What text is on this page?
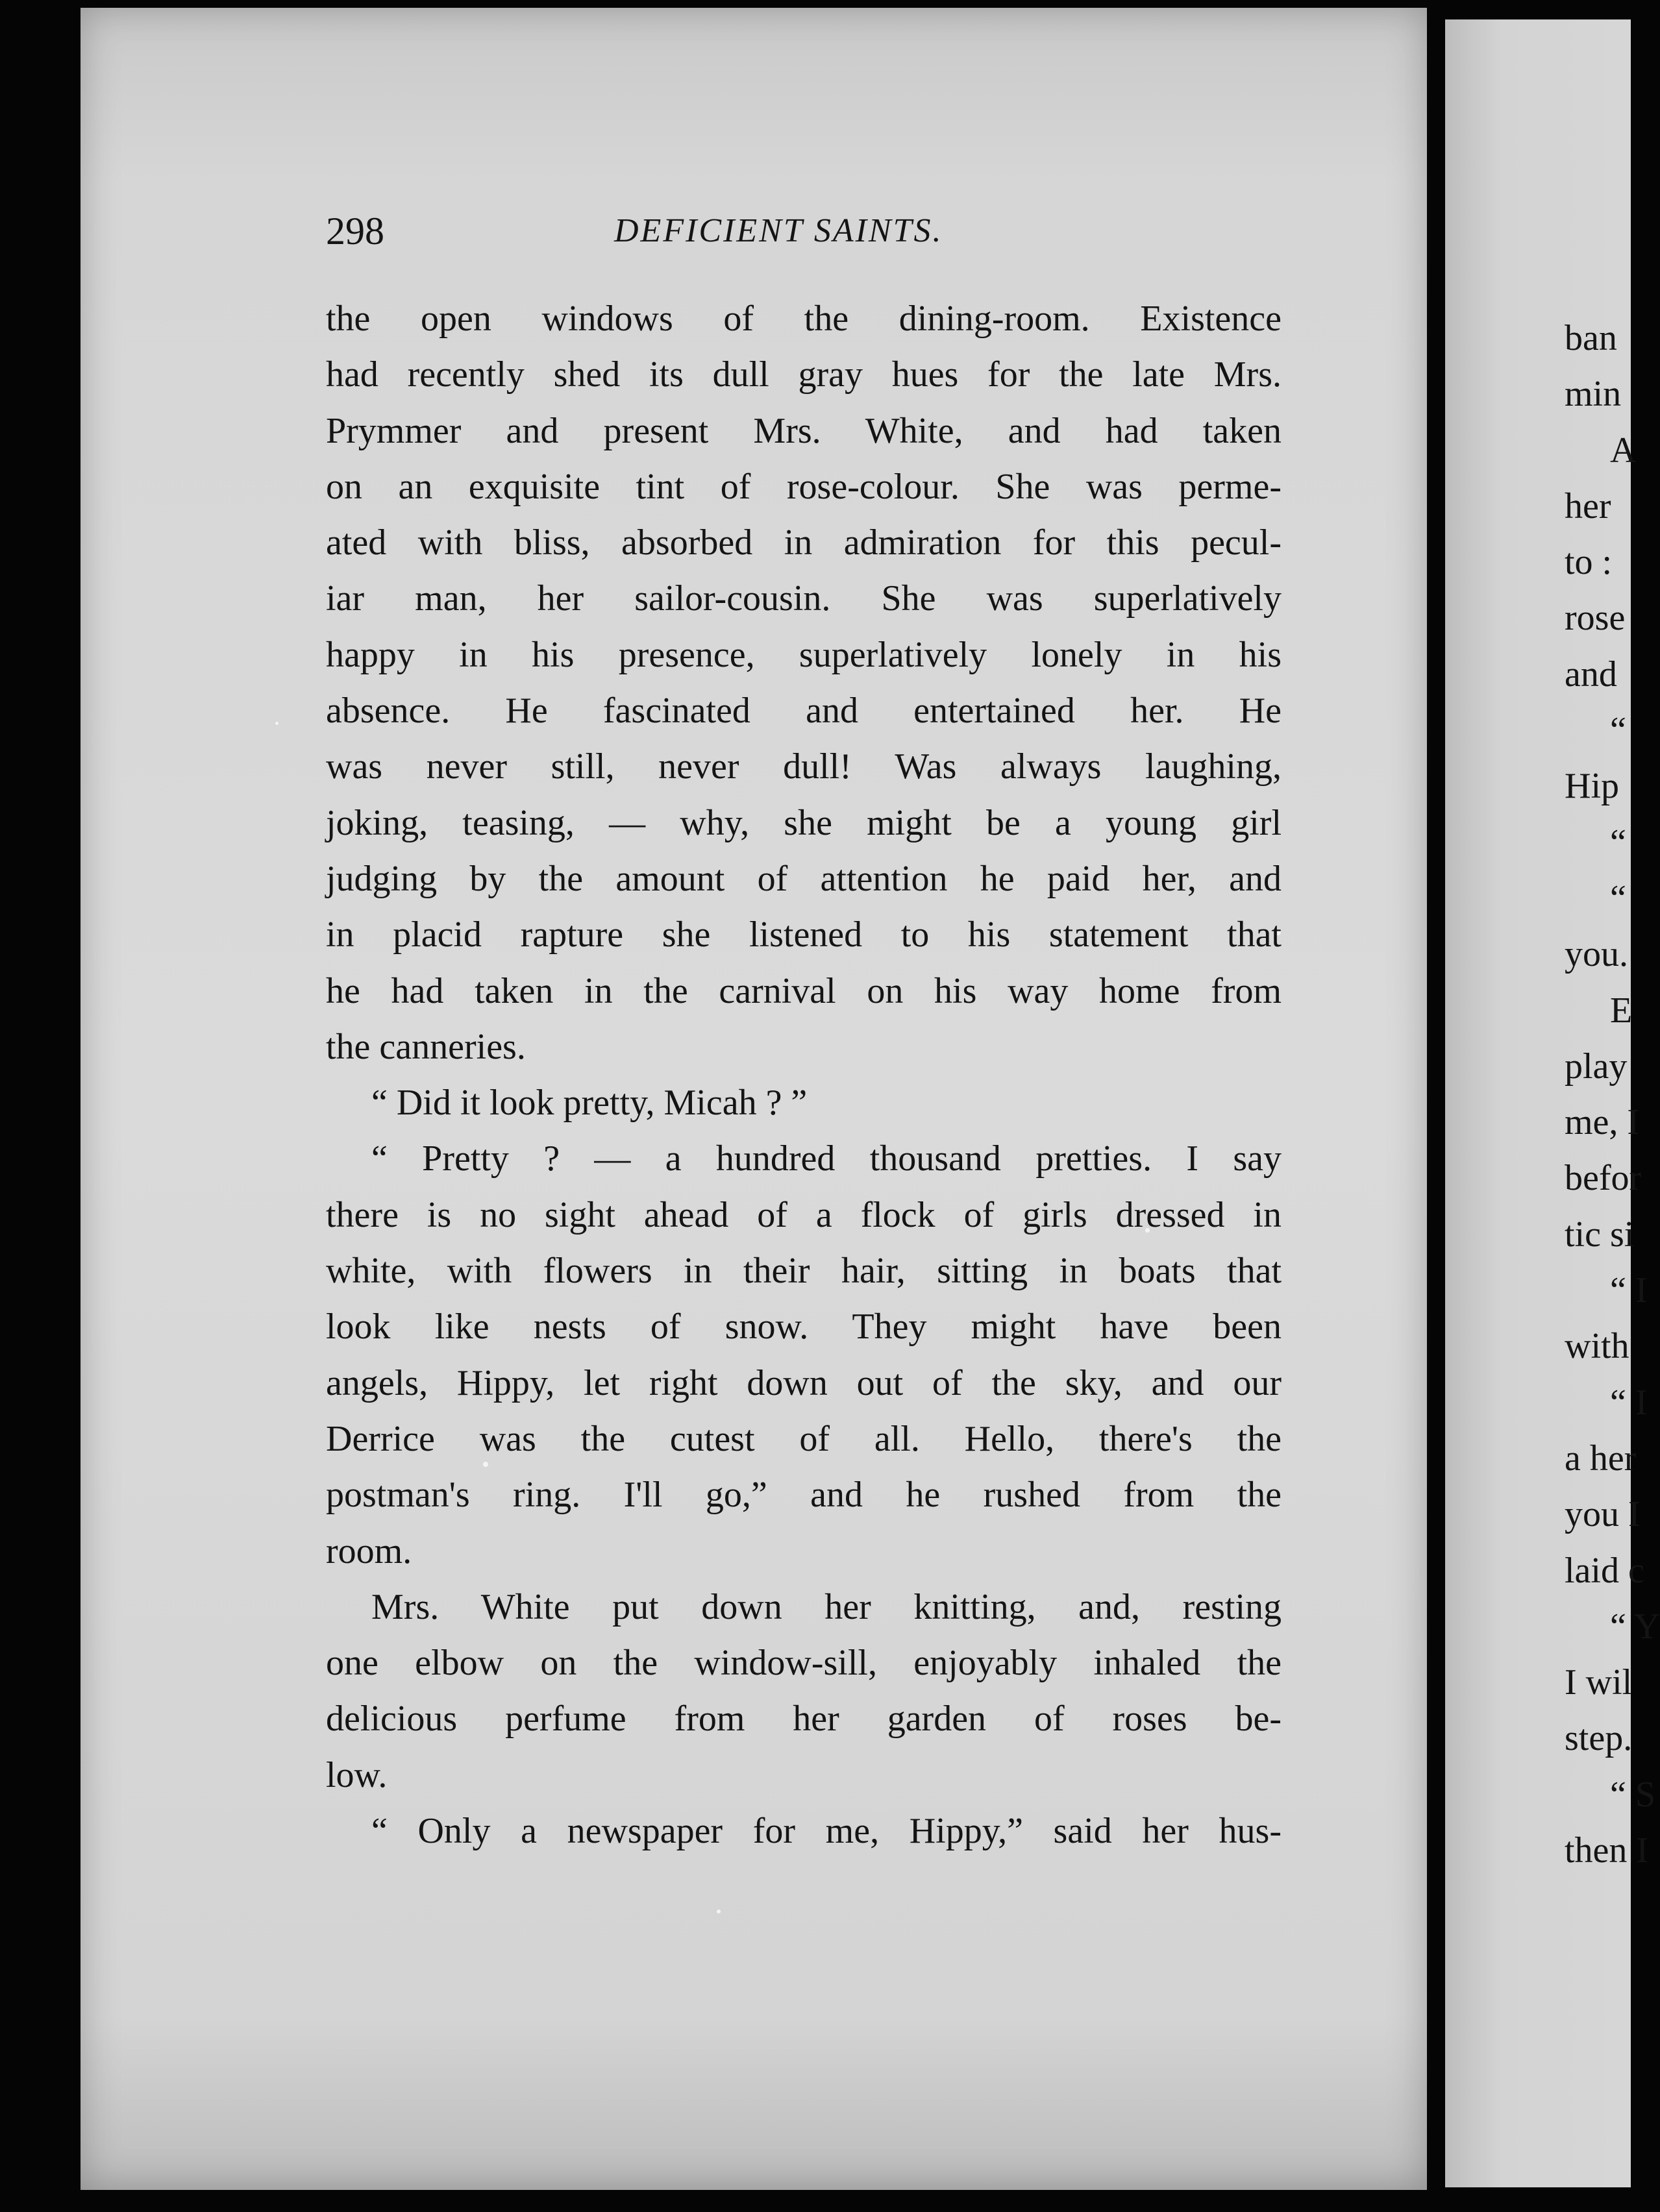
298	DEFICIENT SAINTS.
the open windows of the dining-room. Existence
had recently shed its dull gray hues for the late Mrs.
Prymmer and present Mrs. White, and had taken
on an exquisite tint of rose-colour. She was perme-
ated with bliss, absorbed in admiration for this pecul-
iar man, her sailor-cousin. She was superlatively
happy in his presence, superlatively lonely in his
absence. He fascinated and entertained her. He
was never still, never dull! Was always laughing,
joking, teasing, — why, she might be a young girl
judging by the amount of attention he paid her, and
in placid rapture she listened to his statement that
he had taken in the carnival on his way home from
the canneries.
“ Did it look pretty, Micah ? ”
“ Pretty ? — a hundred thousand pretties. I say
there is no sight ahead of a flock of girls dressed in
white, with flowers in their hair, sitting in boats that
look like nests of snow. They might have been
angels, Hippy, let right down out of the sky, and our
Derrice was the cutest of all. Hello, there's the
postman's ring. I'll go,” and he rushed from the
room.
Mrs. White put down her knitting, and, resting
one elbow on the window-sill, enjoyably inhaled the
delicious perfume from her garden of roses be-
low.
“ Only a newspaper for me, Hippy,” said her hus-
ban
min
A
her
to :
rose
and
“
Hip
“
“
you.
E
play
me, I
befor
tic si
“ I
with
“ I
a her
you I
laid c
“ Y
I wil
step.
“ S
then I
